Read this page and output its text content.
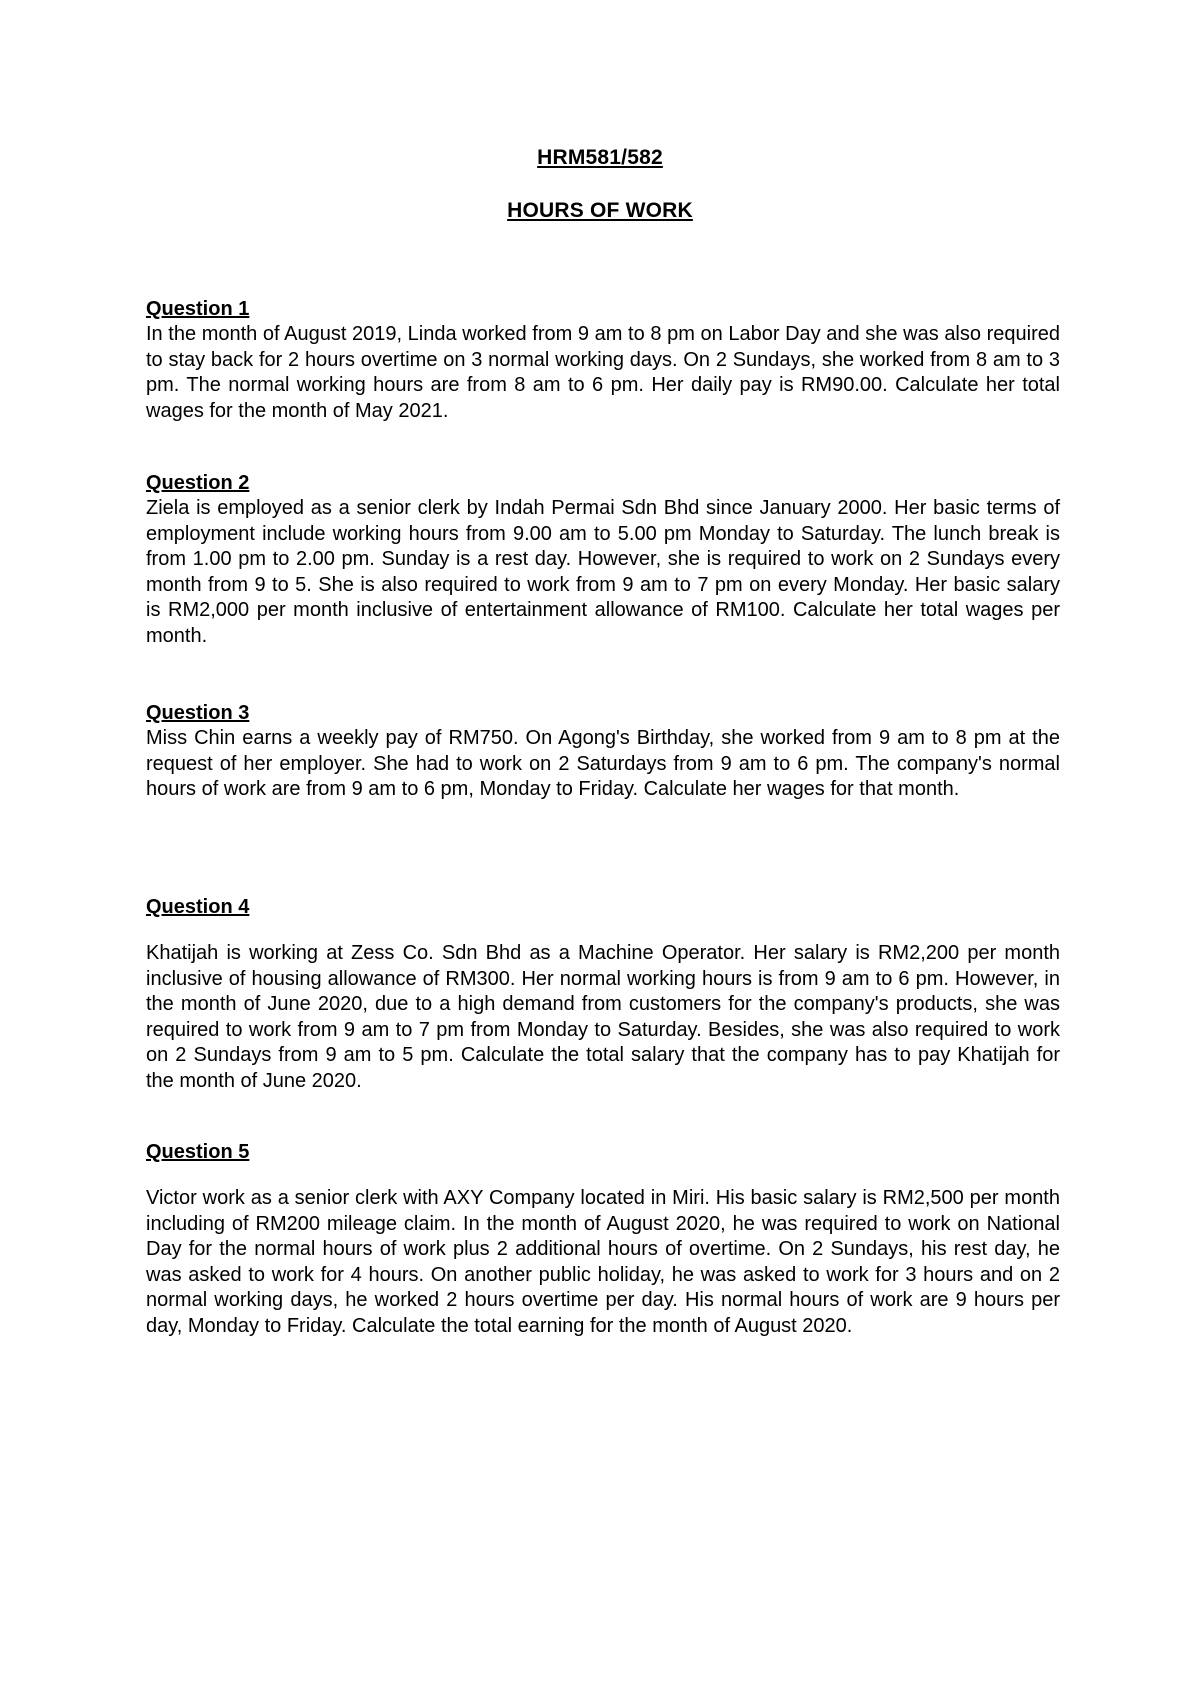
HRM581/582
HOURS OF WORK

Question 1

In the month of August 2019, Linda worked from 9 am to 8 pm on Labor Day and she was also required to stay back for 2 hours overtime on 3 normal working days. On 2 Sundays, she worked from 8 am to 3 pm. The normal working hours are from 8 am to 6 pm. Her daily pay is RM90.00. Calculate her total wages for the month of May 2021.

Question 2

Ziela is employed as a senior clerk by Indah Permai Sdn Bhd since January 2000. Her basic terms of employment include working hours from 9.00 am to 5.00 pm Monday to Saturday. The lunch break is from 1.00 pm to 2.00 pm. Sunday is a rest day. However, she is required to work on 2 Sundays every month from 9 to 5. She is also required to work from 9 am to 7 pm on every Monday. Her basic salary is RM2,000 per month inclusive of entertainment allowance of RM100. Calculate her total wages per month.

Question 3

Miss Chin earns a weekly pay of RM750. On Agong's Birthday, she worked from 9 am to 8 pm at the request of her employer. She had to work on 2 Saturdays from 9 am to 6 pm. The company's normal hours of work are from 9 am to 6 pm, Monday to Friday. Calculate her wages for that month.

Question 4

Khatijah is working at Zess Co. Sdn Bhd as a Machine Operator. Her salary is RM2,200 per month inclusive of housing allowance of RM300. Her normal working hours is from 9 am to 6 pm. However, in the month of June 2020, due to a high demand from customers for the company's products, she was required to work from 9 am to 7 pm from Monday to Saturday. Besides, she was also required to work on 2 Sundays from 9 am to 5 pm. Calculate the total salary that the company has to pay Khatijah for the month of June 2020.

Question 5

Victor work as a senior clerk with AXY Company located in Miri. His basic salary is RM2,500 per month including of RM200 mileage claim. In the month of August 2020, he was required to work on National Day for the normal hours of work plus 2 additional hours of overtime. On 2 Sundays, his rest day, he was asked to work for 4 hours. On another public holiday, he was asked to work for 3 hours and on 2 normal working days, he worked 2 hours overtime per day. His normal hours of work are 9 hours per day, Monday to Friday. Calculate the total earning for the month of August 2020.
